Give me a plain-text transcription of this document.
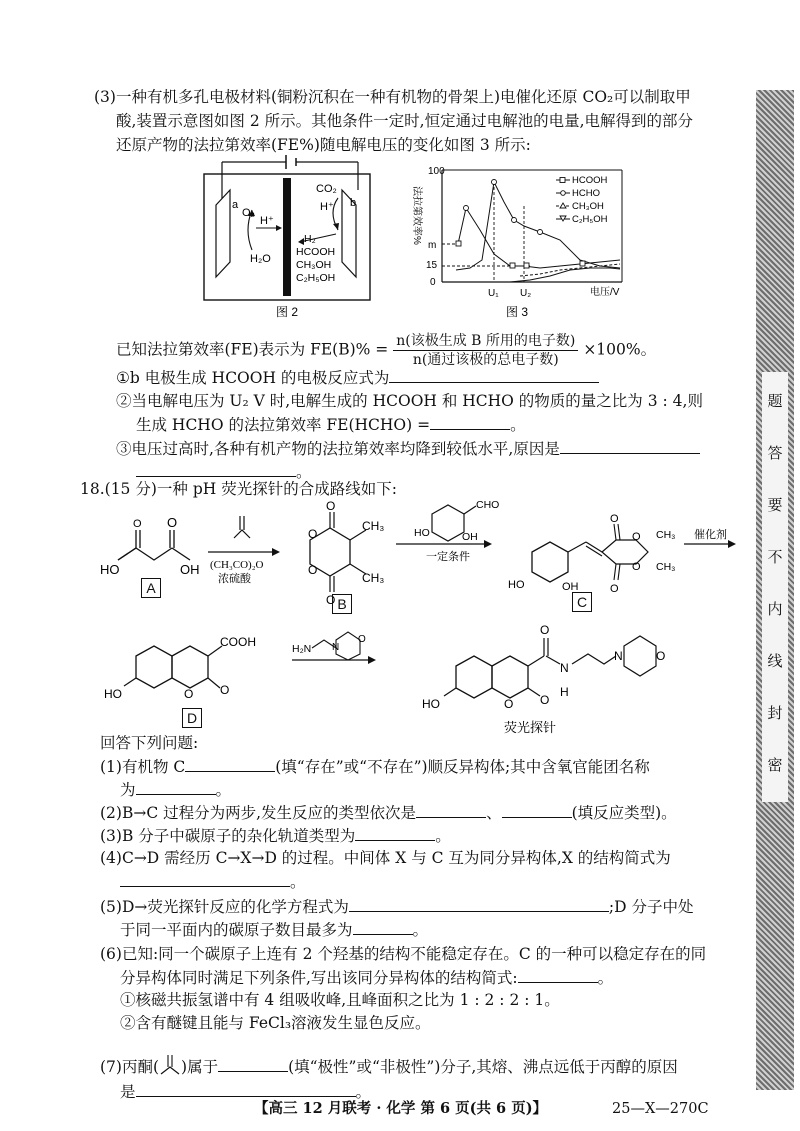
题
答
要
不
内
线
封
密
(3)一种有机多孔电极材料(铜粉沉积在一种有机物的骨架上)电催化还原 CO₂可以制取甲
酸,装置示意图如图 2 所示。其他条件一定时,恒定通过电解池的电量,电解得到的部分
还原产物的法拉第效率(FE%)随电解电压的变化如图 3 所示:
a	b
O₂
H₂O
H⁺
CO₂
H⁺
H₂
HCOOH
CH₃OH
C₂H₅OH
图 2
100
m
15
0
法拉第效率%
U₁ U₂	电压/V
HCOOH
HCHO
CH₃OH
C₂H₅OH
图 3
已知法拉第效率(FE)表示为 $FE(B)\% = \frac{\text{n(该极生成 B 所用的电子数)}}{\text{n(通过该极的总电子数)}} \times 100\%$。
①b 电极生成 HCOOH 的电极反应式为
②当电解电压为 U₂ V 时,电解生成的 HCOOH 和 HCHO 的物质的量之比为 3 : 4,则
生成 HCHO 的法拉第效率 FE(HCHO) =	。
③电压过高时,各种有机产物的法拉第效率均降到较低水平,原因是
。
18.(15 分)一种 pH 荧光探针的合成路线如下:
O O
HO	OH (CH₃CO)₂O
浓硫酸
O
O
O
O
CH₃
CH₃
CHO
HO	OH
一定条件
O
O
O
O
CH₃
CH₃
HO	OH
催化剂
A
B	C
COOH
O
O
HO
H₂N N
O
O
N
H
N	O
O
O
HO
荧光探针
D
回答下列问题:
(1)有机物 C	(填“存在”或“不存在”)顺反异构体;其中含氧官能团名称
为	。
(2)B→C 过程分为两步,发生反应的类型依次是	、	(填反应类型)。
(3)B 分子中碳原子的杂化轨道类型为	。
(4)C→D 需经历 C→X→D 的过程。中间体 X 与 C 互为同分异构体,X 的结构简式为
。
(5)D→荧光探针反应的化学方程式为	;D 分子中处
于同一平面内的碳原子数目最多为	。
(6)已知:同一个碳原子上连有 2 个羟基的结构不能稳定存在。C 的一种可以稳定存在的同
分异构体同时满足下列条件,写出该同分异构体的结构简式:	。
①核磁共振氢谱中有 4 组吸收峰,且峰面积之比为 1 : 2 : 2 : 1。
②含有醚键且能与 FeCl₃溶液发生显色反应。
(7)丙酮( )属于	(填“极性”或“非极性”)分子,其熔、沸点远低于丙醇的原因
是	。
【高三 12 月联考 · 化学 第 6 页(共 6 页)】	25—X—270C
